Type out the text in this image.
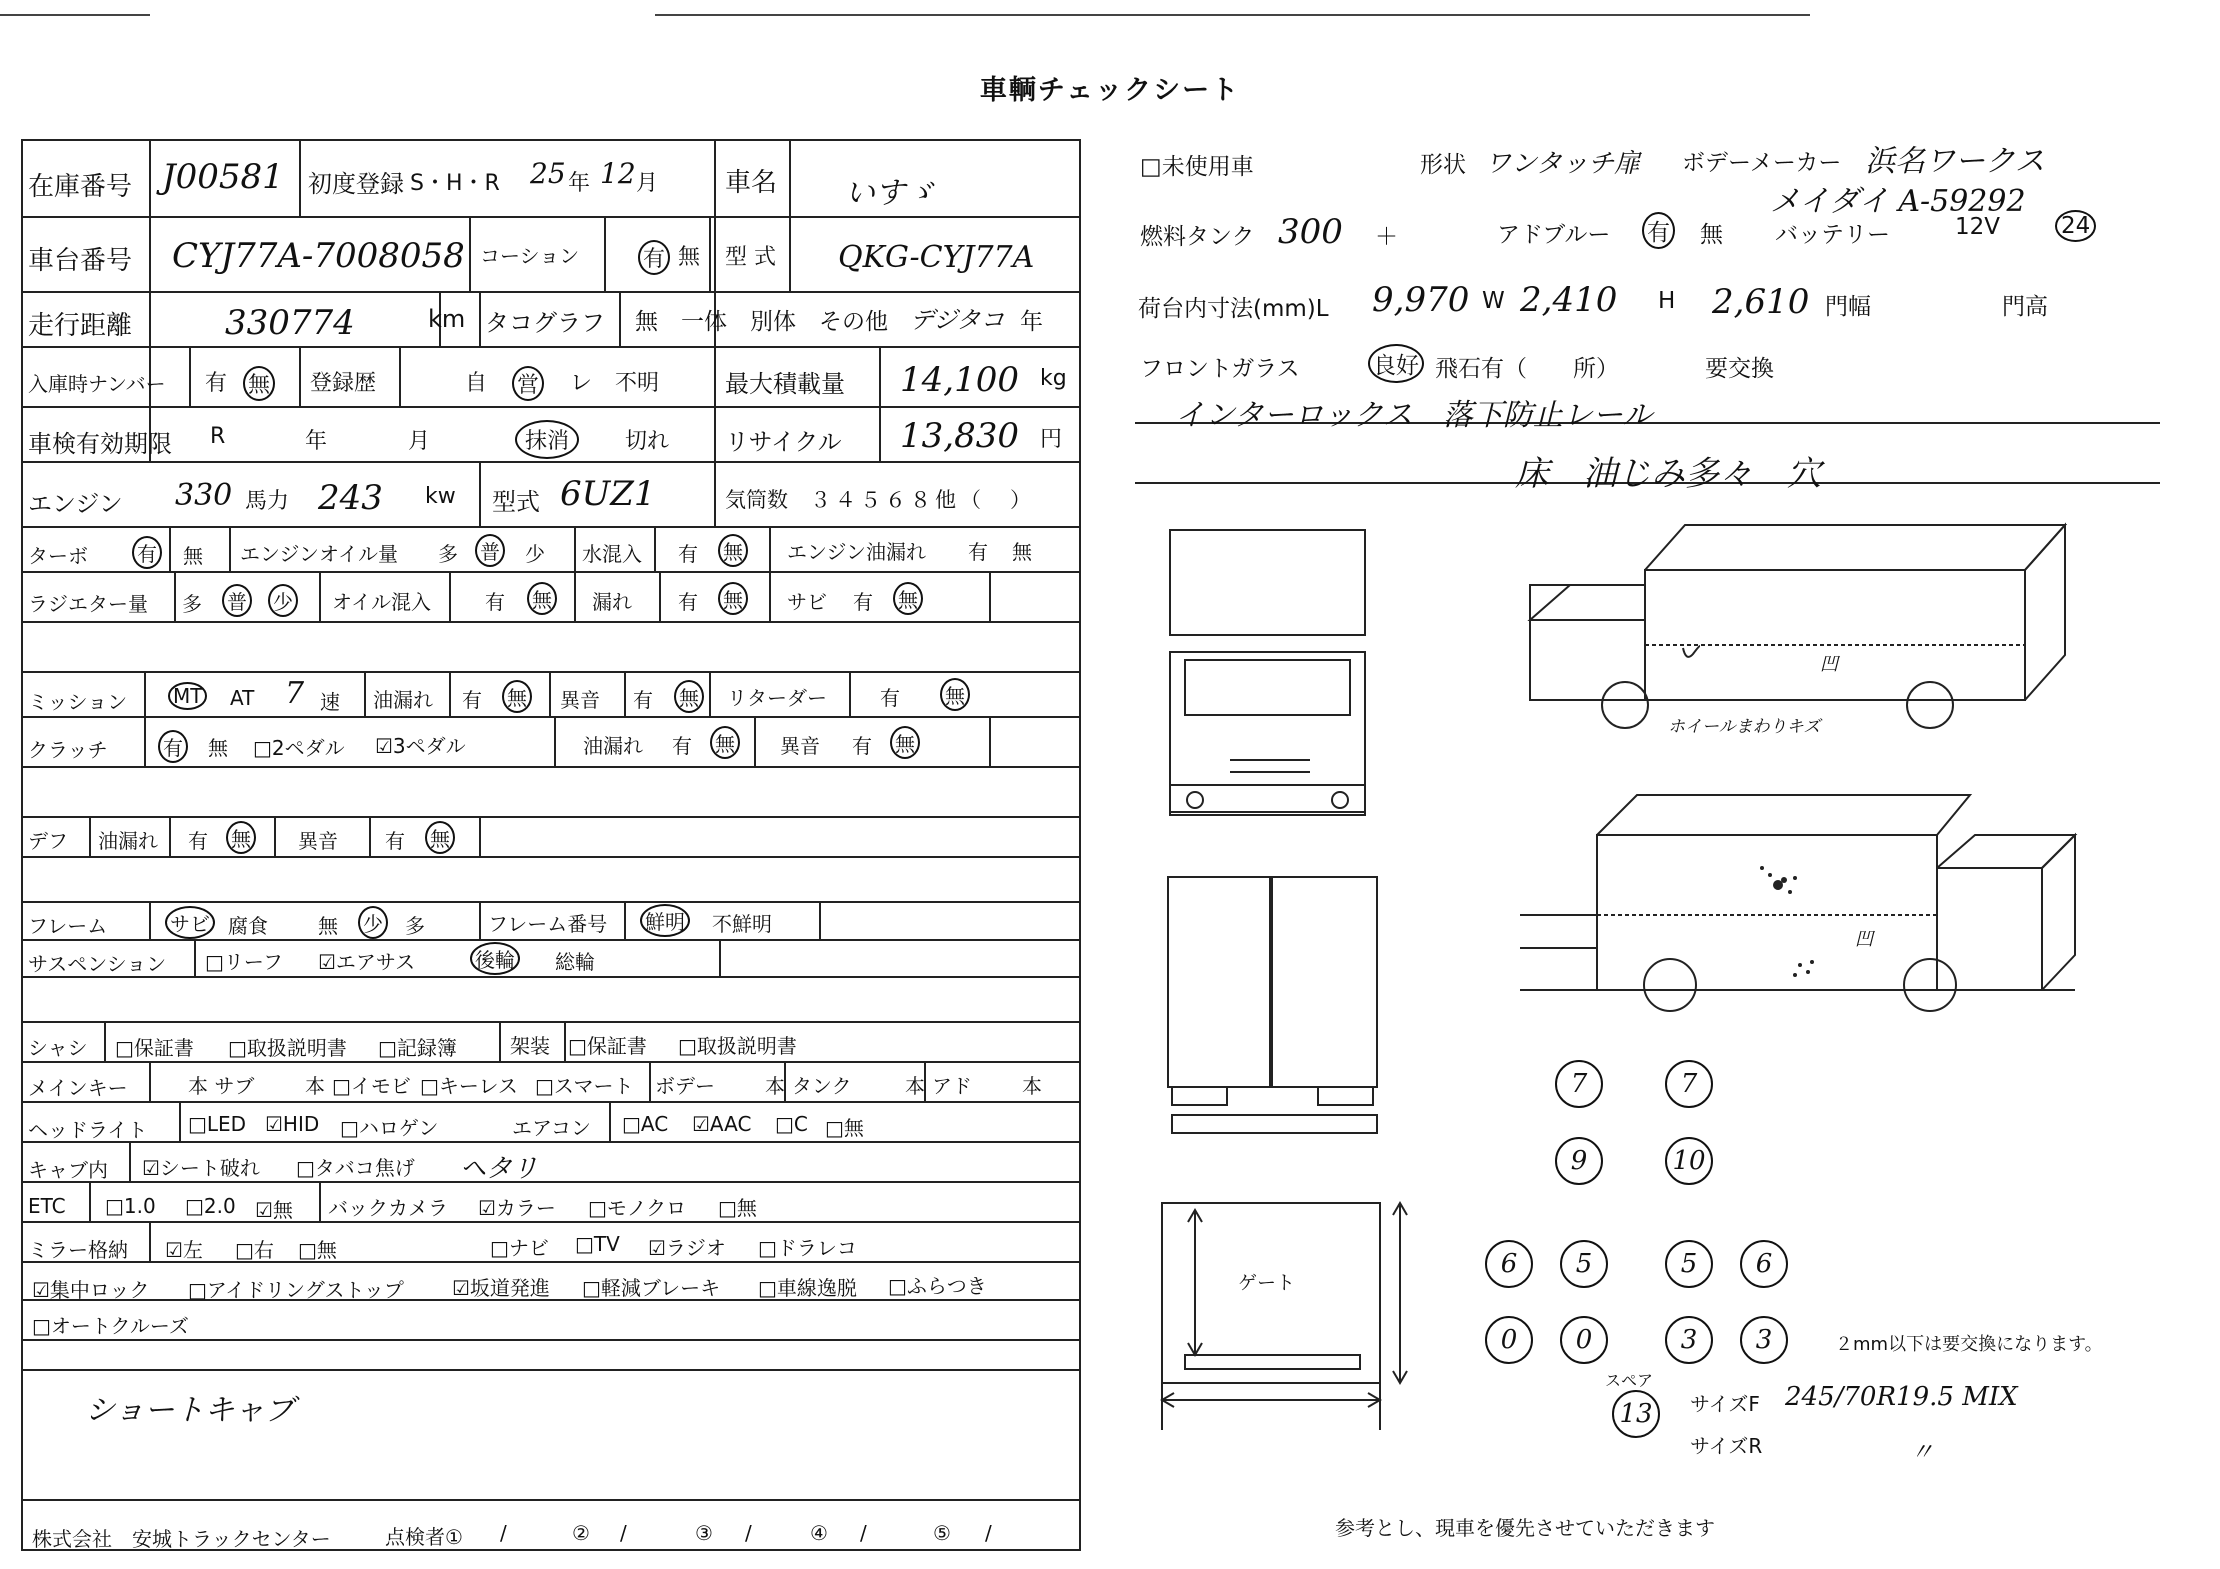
車輌チェックシート
在庫番号 J00581 初度登録 S・H・R 25 年 12 月	車名 いすゞ
車台番号 CYJ77A-7008058 コーション	有 無 型 式 QKG-CYJ77A
走行距離	330774	km タコグラフ 無　一体　別体　その他 デジタコ 年
入庫時ナンバー 有 無 登録歴	自 営 レ 不明	最大積載量 14,100 kg
車検有効期限 R	年	月	抹消	切れ リサイクル 13,830 円
エンジン 330 馬力 243 kw 型式 6UZ1	気筒数 ３４５６８他（　）
ターボ 有 無 エンジンオイル量 多 普 少 水混入 有 無 エンジン油漏れ 有 無
ラジエター量 多 普 少 オイル混入	有 無 漏れ 有 無 サビ 有 無
ミッション MT AT 7 速 油漏れ 有 無 異音 有 無 リターダー	有 無
クラッチ	有 無 □2ペダル ☑3ペダル	油漏れ 有 無 異音 有 無
デフ 油漏れ 有 無 異音 有 無
フレーム	サビ 腐食	無 少 多	フレーム番号 鮮明 不鮮明
サスペンション □リーフ ☑エアサス	後輪 総輪
シャシ □保証書 □取扱説明書 □記録簿	架装 □保証書 □取扱説明書
メインキー	本 サブ	本 □イモビ □キーレス □スマート ボデー	本 タンク	本 アド	本
ヘッドライト □LED ☑HID □ハロゲン	エアコン □AC ☑AAC □C □無
キャブ内 ☑シート破れ □タバコ焦げ ヘタリ
ETC □1.0 □2.0 ☑無 バックカメラ ☑カラー □モノクロ □無
ミラー格納 ☑左 □右 □無	□ナビ □TV ☑ラジオ □ドラレコ
☑集中ロック □アイドリングストップ ☑坂道発進 □軽減ブレーキ □車線逸脱 □ふらつき
□オートクルーズ
ショートキャブ
株式会社　安城トラックセンター	点検者① /	② /	③ /	④ /	⑤ /
□未使用車	形状 ワンタッチ扉 ボデーメーカー 浜名ワークス
メイダイ A-59292
燃料タンク 300 ＋	アドブルー 有 無 バッテリー	12V	24
荷台内寸法(mm)L 9,970 W 2,410 H 2,610 門幅	門高
フロントガラス	良好 飛石有（　　所）	要交換
インターロックス　落下防止レール
床　油じみ多々　穴
ホイールまわりキズ
凹
凹
ゲート
7	7
9	10
6	5	5	6
0	0	3	3	２mm以下は要交換になります。
スペア
13	サイズF 245/70R19.5 MIX
サイズR	〃
参考とし、現車を優先させていただきます
